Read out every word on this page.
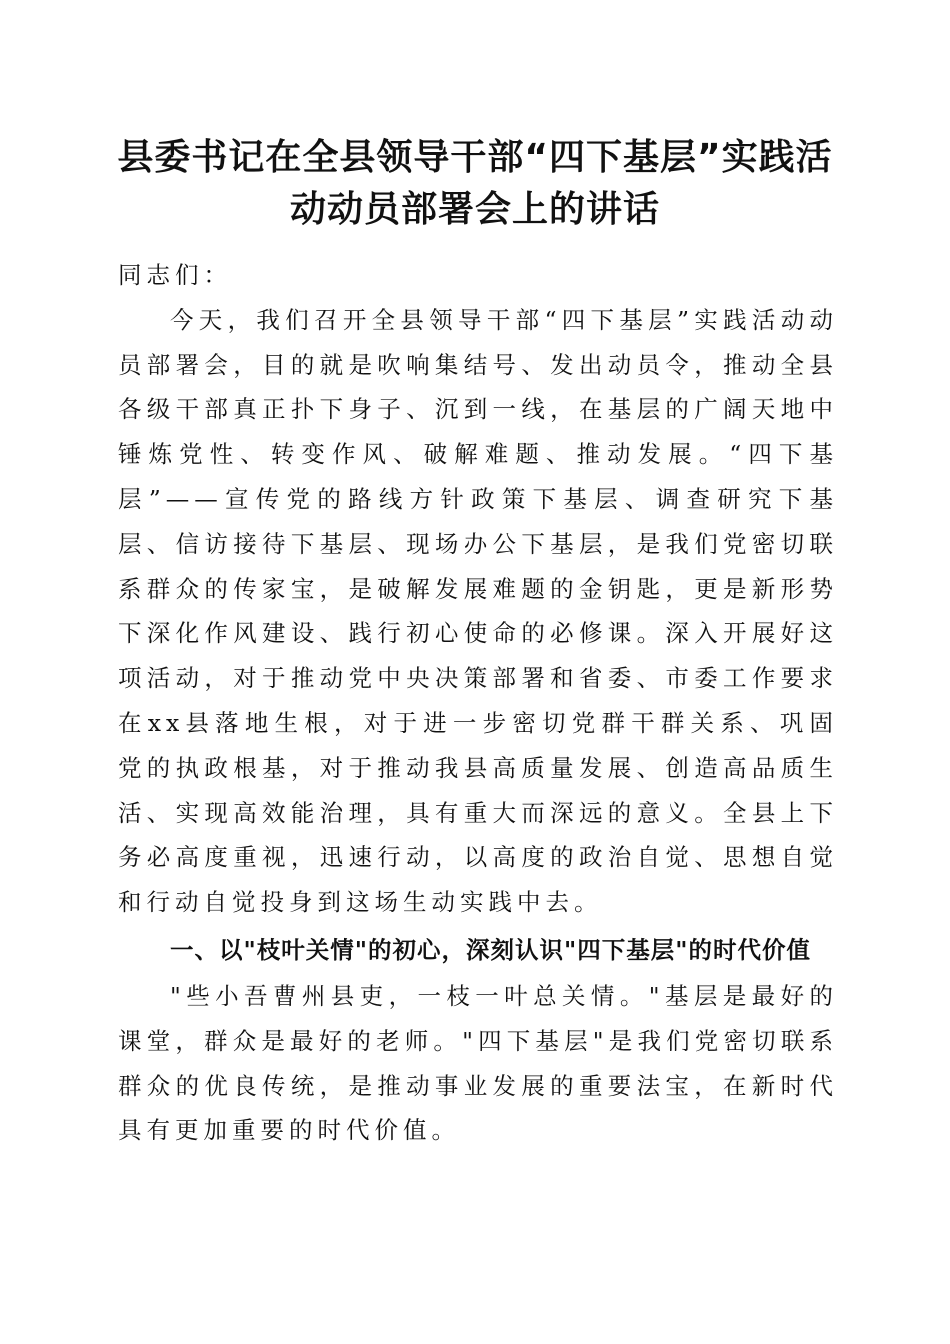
县委书记在全县领导干部“四下基层”实践活
动动员部署会上的讲话

同志们：

今天，我们召开全县领导干部“四下基层”实践活动动员部署会，目的就是吹响集结号、发出动员令，推动全县各级干部真正扑下身子、沉到一线，在基层的广阔天地中锤炼党性、转变作风、破解难题、推动发展。“四下基层”——宣传党的路线方针政策下基层、调查研究下基层、信访接待下基层、现场办公下基层，是我们党密切联系群众的传家宝，是破解发展难题的金钥匙，更是新形势下深化作风建设、践行初心使命的必修课。深入开展好这项活动，对于推动党中央决策部署和省委、市委工作要求在xx县落地生根，对于进一步密切党群干群关系、巩固党的执政根基，对于推动我县高质量发展、创造高品质生活、实现高效能治理，具有重大而深远的意义。全县上下务必高度重视，迅速行动，以高度的政治自觉、思想自觉和行动自觉投身到这场生动实践中去。

一、以"枝叶关情"的初心，深刻认识"四下基层"的时代价值

"些小吾曹州县吏，一枝一叶总关情。"基层是最好的课堂，群众是最好的老师。"四下基层"是我们党密切联系群众的优良传统，是推动事业发展的重要法宝，在新时代具有更加重要的时代价值。
